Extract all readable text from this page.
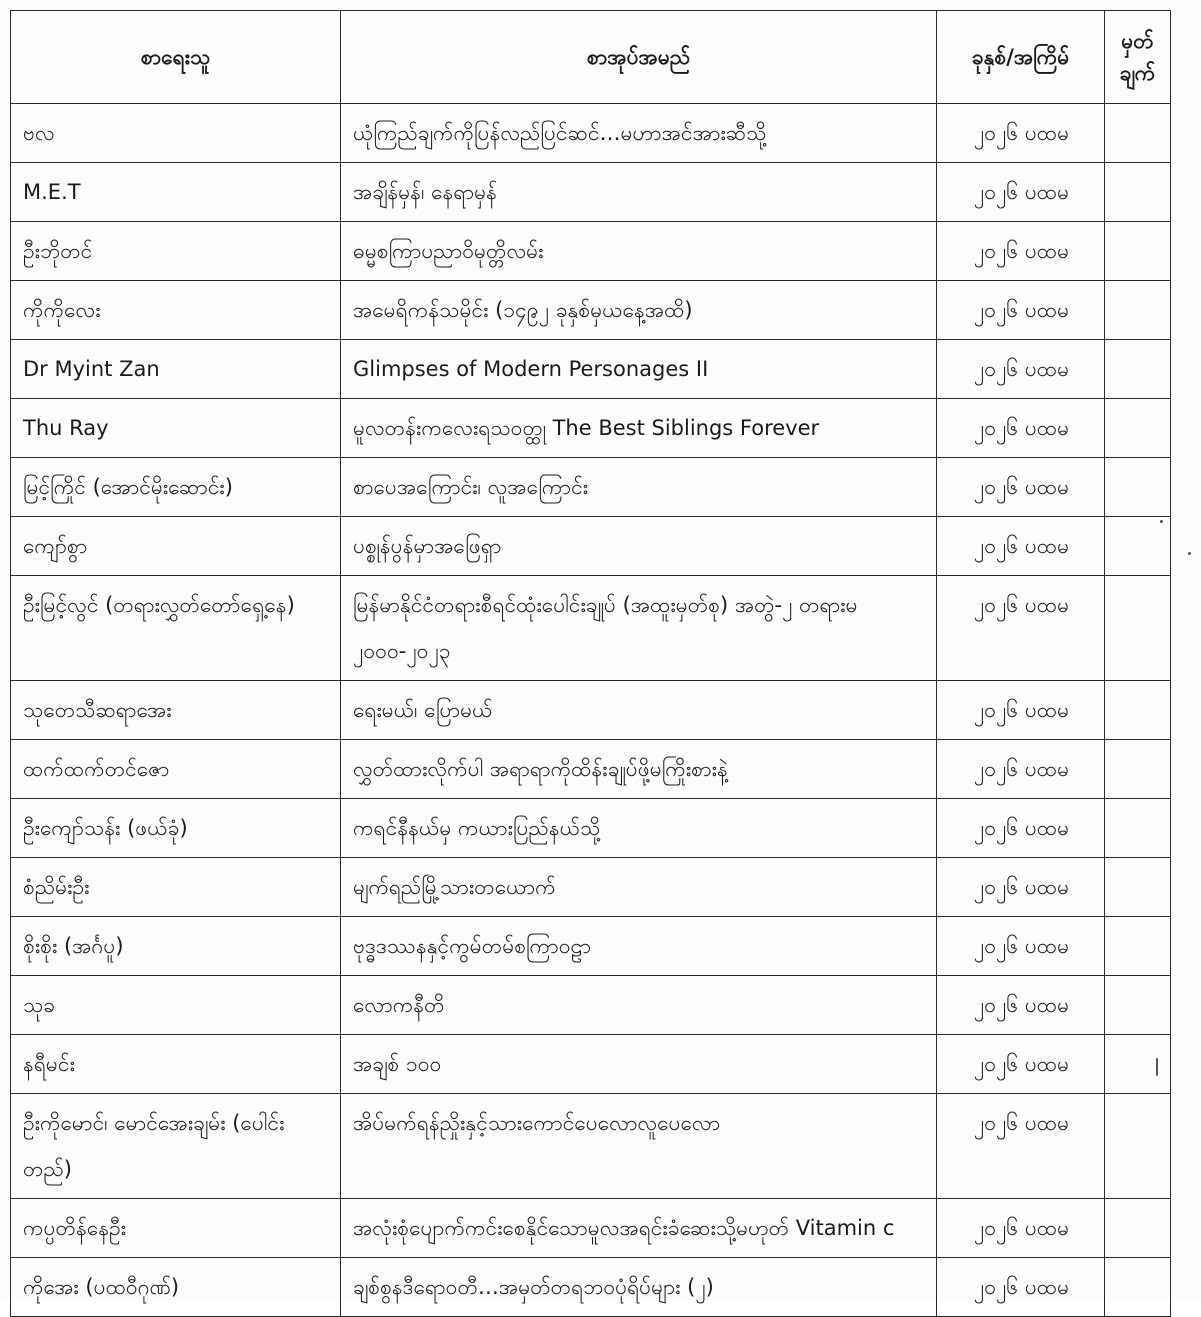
စာရေးသူ	စာအုပ်အမည်	ခုနှစ်/အကြိမ်	မှတ် ချက်
ဗလ	ယုံကြည်ချက်ကိုပြန်လည်ပြင်ဆင်…မဟာအင်အားဆီသို့	၂၀၂၆ ပထမ	
M.E.T	အချိန်မှန်၊ နေရာမှန်	၂၀၂၆ ပထမ	
ဦးဘိုတင်	ဓမ္မစကြာပညာဝိမုတ္တိလမ်း	၂၀၂၆ ပထမ	
ကိုကိုလေး	အမေရိကန်သမိုင်း (၁၄၉၂ ခုနှစ်မှယနေ့အထိ)	၂၀၂၆ ပထမ	
Dr Myint Zan	Glimpses of Modern Personages II	၂၀၂၆ ပထမ	
Thu Ray	မူလတန်းကလေးရသဝတ္ထု The Best Siblings Forever	၂၀၂၆ ပထမ	
မြင့်ကြိုင် (အောင်မိုးဆောင်း)	စာပေအကြောင်း၊ လူအကြောင်း	၂၀၂၆ ပထမ	
ကျော်စွာ	ပစ္စုန်ပွန်မှာအဖြေရှာ	၂၀၂၆ ပထမ	
ဦးမြင့်လွင် (တရားလွှတ်တော်ရှေ့နေ)	မြန်မာနိုင်ငံတရားစီရင်ထုံးပေါင်းချုပ် (အထူးမှတ်စု) အတွဲ-၂ တရားမ ၂၀၀၀-၂၀၂၃	၂၀၂၆ ပထမ	
သုတေသီဆရာအေး	ရေးမယ်၊ ပြောမယ်	၂၀၂၆ ပထမ	
ထက်ထက်တင်ဇော	လွှတ်ထားလိုက်ပါ အရာရာကိုထိန်းချုပ်ဖို့မကြိုးစားနဲ့	၂၀၂၆ ပထမ	
ဦးကျော်သန်း (ဖယ်ခုံ)	ကရင်နီနယ်မှ ကယားပြည်နယ်သို့	၂၀၂၆ ပထမ	
စံညိမ်းဦး	မျက်ရည်မြို့သားတယောက်	၂၀၂၆ ပထမ	
စိုးစိုး (အင်္ဂပူ)	ဗုဒ္ဓဒဿနနှင့်ကွမ်တမ်စကြာဝဠာ	၂၀၂၆ ပထမ	
သုခ	လောကနီတိ	၂၀၂၆ ပထမ	
နရီမင်း	အချစ် ၁၀၀	၂၀၂၆ ပထမ	
ဦးကိုမောင်၊ မောင်အေးချမ်း (ပေါင်းတည်)	အိပ်မက်ရန်ညှိုးနှင့်သားကောင်ပေလောလူပေလော	၂၀၂၆ ပထမ	
ကပ္ပတိန်နေဦး	အလုံးစုံပျောက်ကင်းစေနိုင်သောမူလအရင်းခံဆေးသို့မဟုတ် Vitamin c	၂၀၂၆ ပထမ	
ကိုအေး (ပထဝီဂုဏ်)	ချစ်စွနဒီရောဝတီ…အမှတ်တရဘဝပုံရိပ်များ (၂)	၂၀၂၆ ပထမ	
